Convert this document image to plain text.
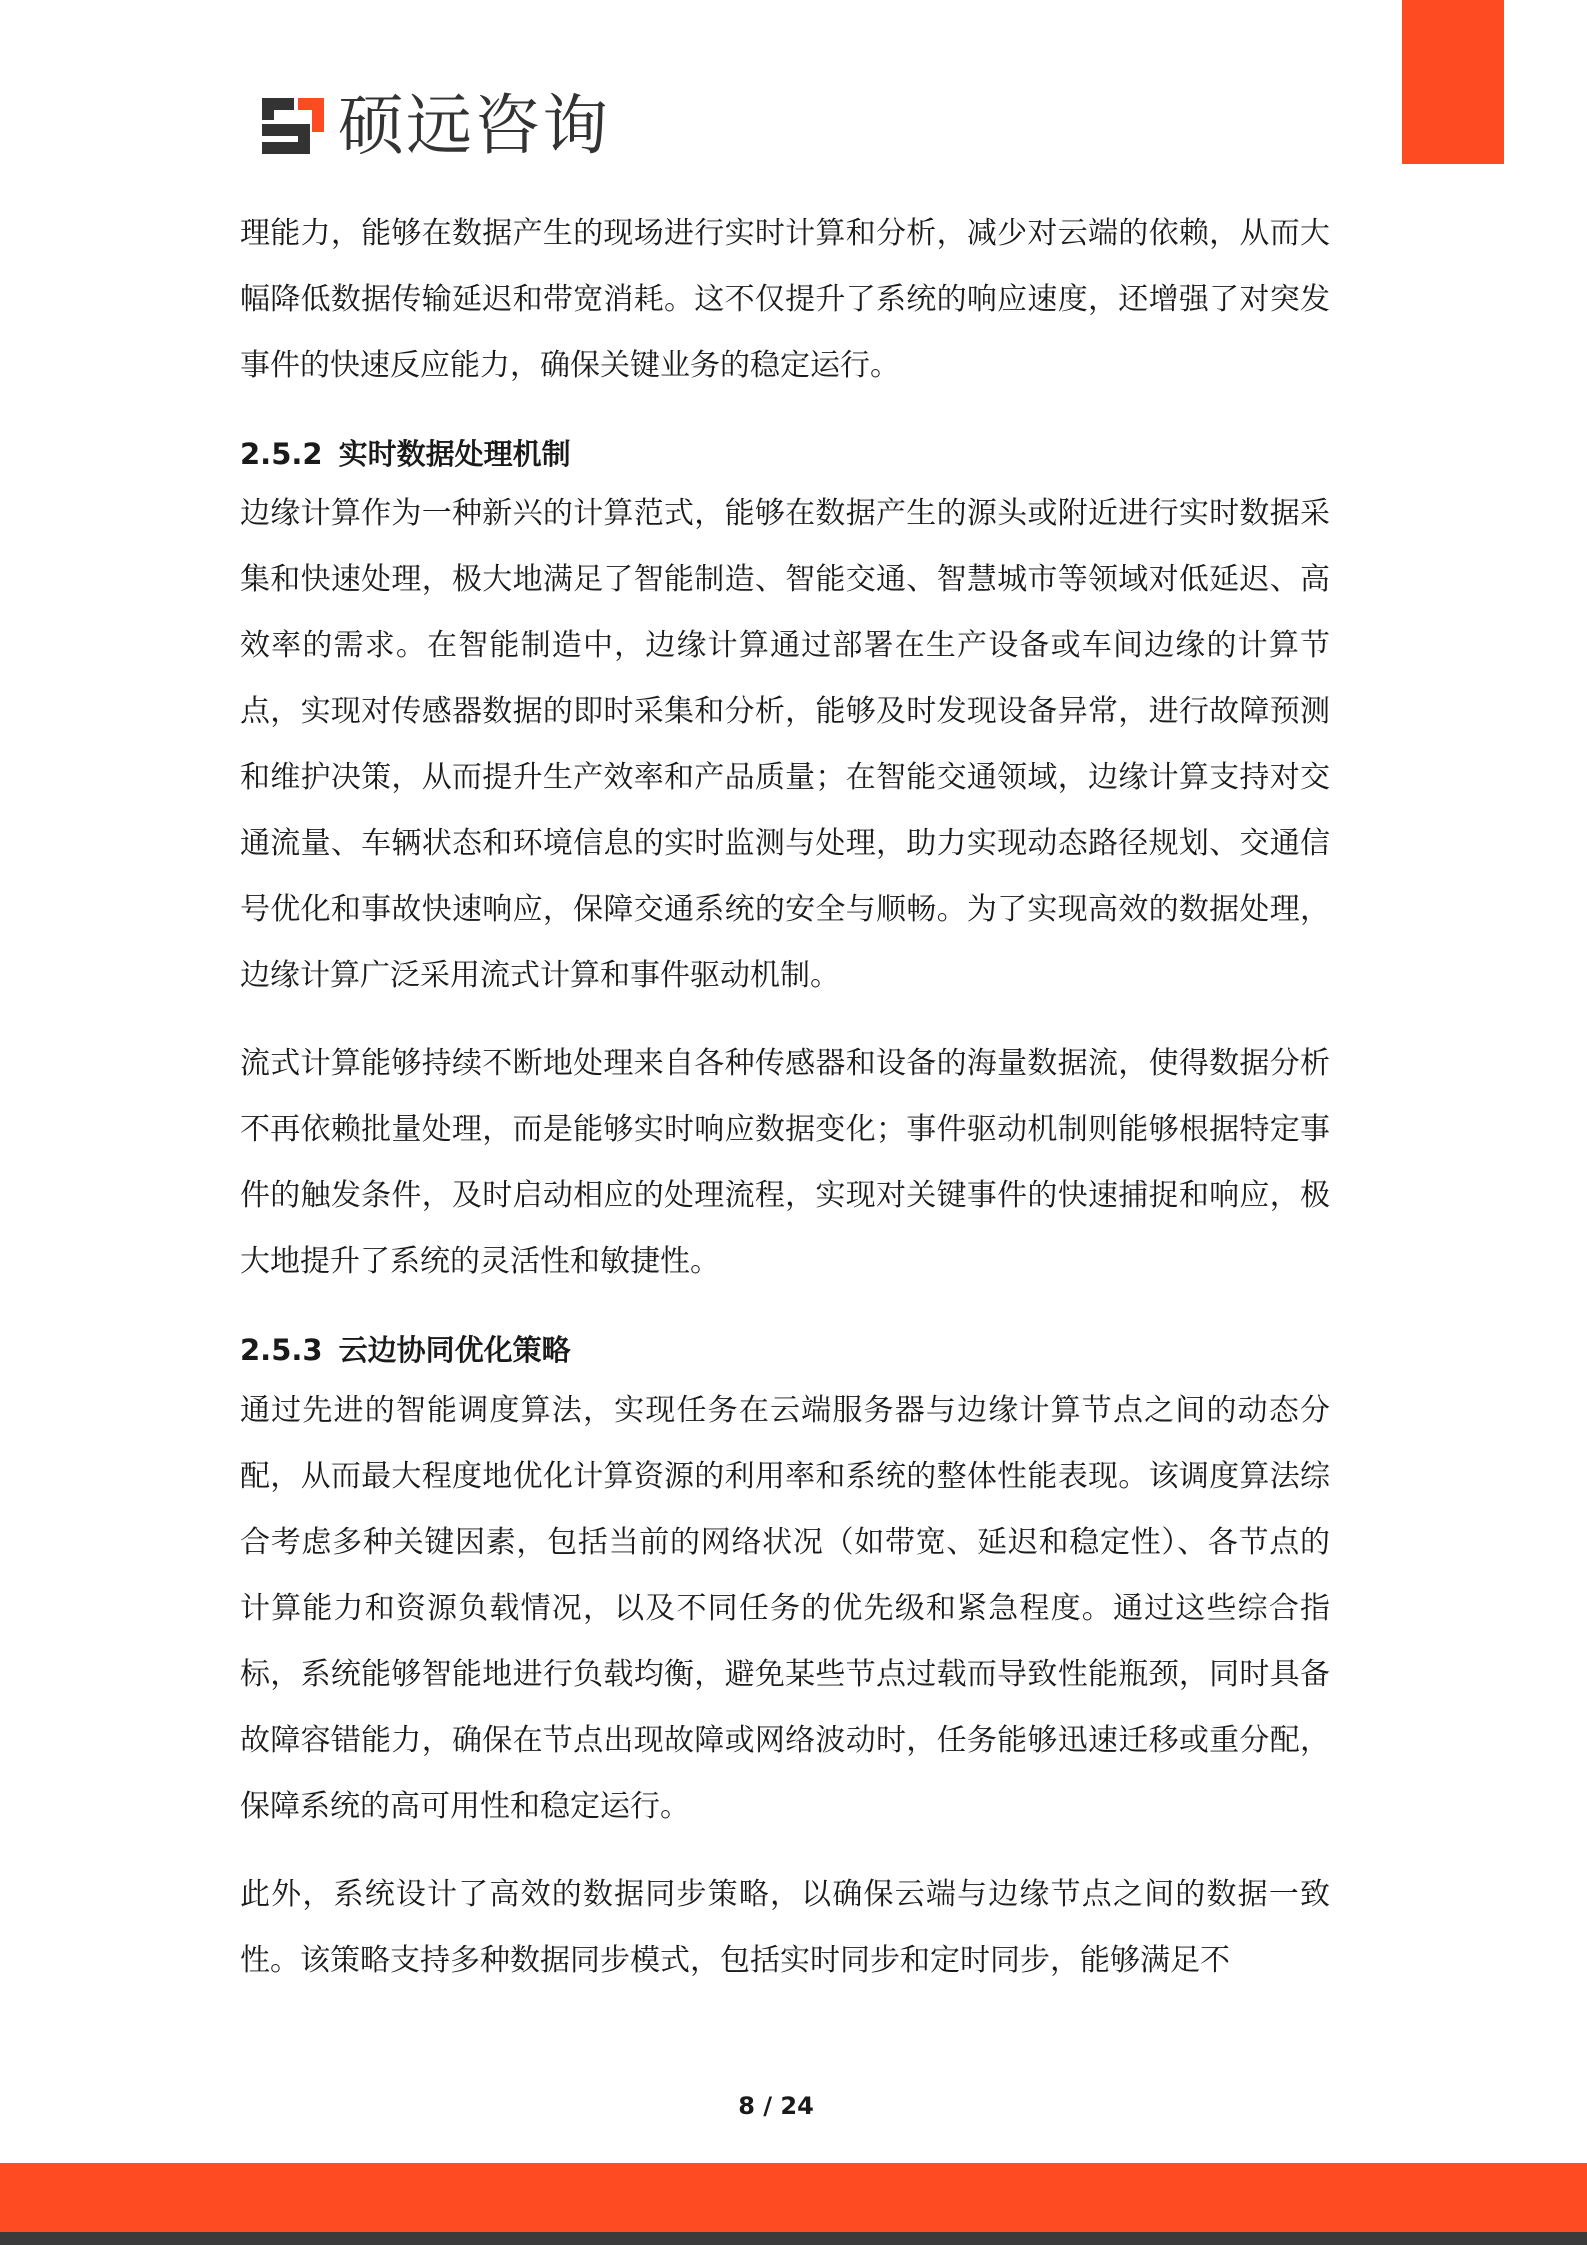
硕远咨询

理能力，能够在数据产生的现场进行实时计算和分析，减少对云端的依赖，从而大幅降低数据传输延迟和带宽消耗。这不仅提升了系统的响应速度，还增强了对突发事件的快速反应能力，确保关键业务的稳定运行。

2.5.2 实时数据处理机制

边缘计算作为一种新兴的计算范式，能够在数据产生的源头或附近进行实时数据采集和快速处理，极大地满足了智能制造、智能交通、智慧城市等领域对低延迟、高效率的需求。在智能制造中，边缘计算通过部署在生产设备或车间边缘的计算节点，实现对传感器数据的即时采集和分析，能够及时发现设备异常，进行故障预测和维护决策，从而提升生产效率和产品质量；在智能交通领域，边缘计算支持对交通流量、车辆状态和环境信息的实时监测与处理，助力实现动态路径规划、交通信号优化和事故快速响应，保障交通系统的安全与顺畅。为了实现高效的数据处理，边缘计算广泛采用流式计算和事件驱动机制。

流式计算能够持续不断地处理来自各种传感器和设备的海量数据流，使得数据分析不再依赖批量处理，而是能够实时响应数据变化；事件驱动机制则能够根据特定事件的触发条件，及时启动相应的处理流程，实现对关键事件的快速捕捉和响应，极大地提升了系统的灵活性和敏捷性。

2.5.3 云边协同优化策略

通过先进的智能调度算法，实现任务在云端服务器与边缘计算节点之间的动态分配，从而最大程度地优化计算资源的利用率和系统的整体性能表现。该调度算法综合考虑多种关键因素，包括当前的网络状况（如带宽、延迟和稳定性）、各节点的计算能力和资源负载情况，以及不同任务的优先级和紧急程度。通过这些综合指标，系统能够智能地进行负载均衡，避免某些节点过载而导致性能瓶颈，同时具备故障容错能力，确保在节点出现故障或网络波动时，任务能够迅速迁移或重分配，保障系统的高可用性和稳定运行。

此外，系统设计了高效的数据同步策略，以确保云端与边缘节点之间的数据一致性。该策略支持多种数据同步模式，包括实时同步和定时同步，能够满足不

8 / 24
